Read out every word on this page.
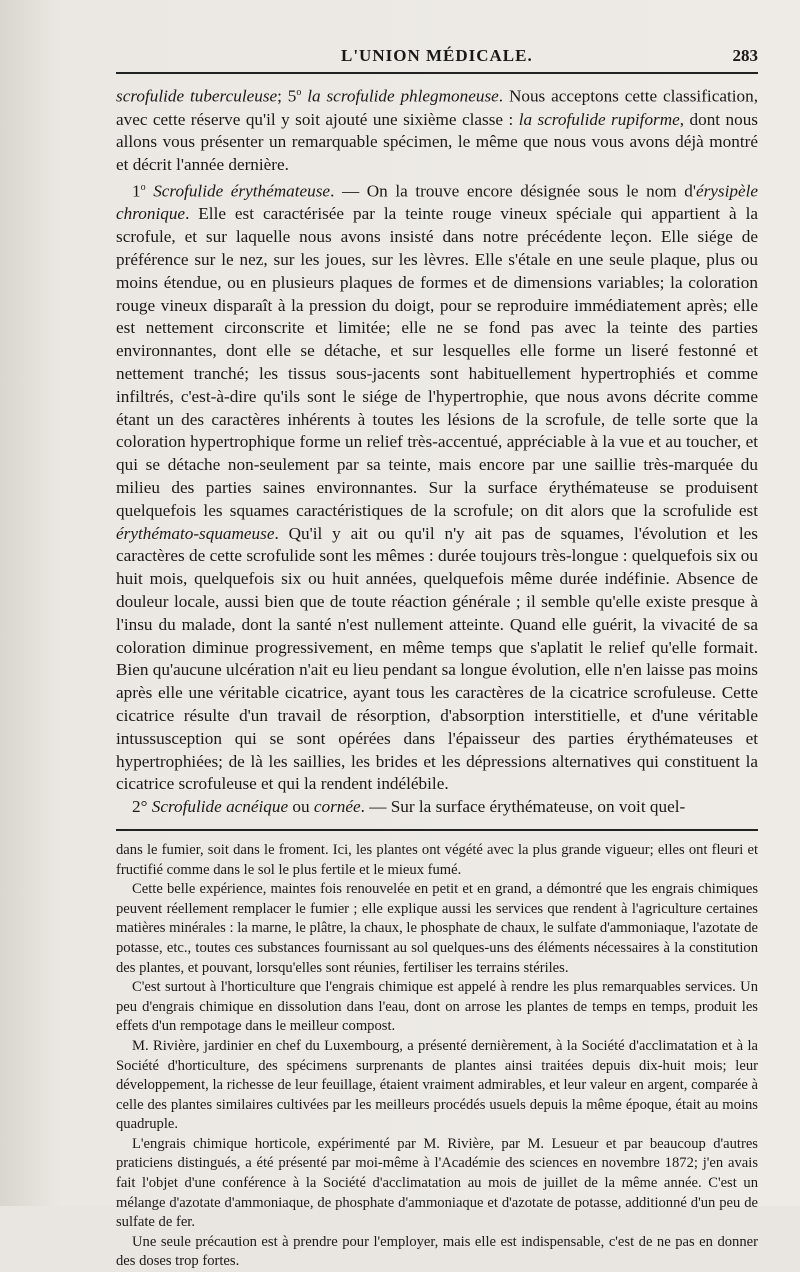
L'UNION MÉDICALE.	283

scrofulide tuberculeuse; 5$^o$ la scrofulide phlegmoneuse. Nous acceptons cette classification, avec cette réserve qu'il y soit ajouté une sixième classe : la scrofulide rupiforme, dont nous allons vous présenter un remarquable spécimen, le même que nous vous avons déjà montré et décrit l'année dernière.

1$^o$ Scrofulide érythémateuse. — On la trouve encore désignée sous le nom d'érysipèle chronique. Elle est caractérisée par la teinte rouge vineux spéciale qui appartient à la scrofule, et sur laquelle nous avons insisté dans notre précédente leçon. Elle siége de préférence sur le nez, sur les joues, sur les lèvres. Elle s'étale en une seule plaque, plus ou moins étendue, ou en plusieurs plaques de formes et de dimensions variables; la coloration rouge vineux disparaît à la pression du doigt, pour se reproduire immédiatement après; elle est nettement circonscrite et limitée; elle ne se fond pas avec la teinte des parties environnantes, dont elle se détache, et sur lesquelles elle forme un liseré festonné et nettement tranché; les tissus sous-jacents sont habituellement hypertrophiés et comme infiltrés, c'est-à-dire qu'ils sont le siége de l'hypertrophie, que nous avons décrite comme étant un des caractères inhérents à toutes les lésions de la scrofule, de telle sorte que la coloration hypertrophique forme un relief très-accentué, appréciable à la vue et au toucher, et qui se détache non-seulement par sa teinte, mais encore par une saillie très-marquée du milieu des parties saines environnantes. Sur la surface érythémateuse se produisent quelquefois les squames caractéristiques de la scrofule; on dit alors que la scrofulide est érythémato-squameuse. Qu'il y ait ou qu'il n'y ait pas de squames, l'évolution et les caractères de cette scrofulide sont les mêmes : durée toujours très-longue : quelquefois six ou huit mois, quelquefois six ou huit années, quelquefois même durée indéfinie. Absence de douleur locale, aussi bien que de toute réaction générale ; il semble qu'elle existe presque à l'insu du malade, dont la santé n'est nullement atteinte. Quand elle guérit, la vivacité de sa coloration diminue progressivement, en même temps que s'aplatit le relief qu'elle formait. Bien qu'aucune ulcération n'ait eu lieu pendant sa longue évolution, elle n'en laisse pas moins après elle une véritable cicatrice, ayant tous les caractères de la cicatrice scrofuleuse. Cette cicatrice résulte d'un travail de résorption, d'absorption interstitielle, et d'une véritable intussusception qui se sont opérées dans l'épaisseur des parties érythémateuses et hypertrophiées; de là les saillies, les brides et les dépressions alternatives qui constituent la cicatrice scrofuleuse et qui la rendent indélébile.

2° Scrofulide acnéique ou cornée. — Sur la surface érythémateuse, on voit quel-

dans le fumier, soit dans le froment. Ici, les plantes ont végété avec la plus grande vigueur; elles ont fleuri et fructifié comme dans le sol le plus fertile et le mieux fumé.

Cette belle expérience, maintes fois renouvelée en petit et en grand, a démontré que les engrais chimiques peuvent réellement remplacer le fumier ; elle explique aussi les services que rendent à l'agriculture certaines matières minérales : la marne, le plâtre, la chaux, le phosphate de chaux, le sulfate d'ammoniaque, l'azotate de potasse, etc., toutes ces substances fournissant au sol quelques-uns des éléments nécessaires à la constitution des plantes, et pouvant, lorsqu'elles sont réunies, fertiliser les terrains stériles.

C'est surtout à l'horticulture que l'engrais chimique est appelé à rendre les plus remarquables services. Un peu d'engrais chimique en dissolution dans l'eau, dont on arrose les plantes de temps en temps, produit les effets d'un rempotage dans le meilleur compost.

M. Rivière, jardinier en chef du Luxembourg, a présenté dernièrement, à la Société d'acclimatation et à la Société d'horticulture, des spécimens surprenants de plantes ainsi traitées depuis dix-huit mois; leur développement, la richesse de leur feuillage, étaient vraiment admirables, et leur valeur en argent, comparée à celle des plantes similaires cultivées par les meilleurs procédés usuels depuis la même époque, était au moins quadruple.

L'engrais chimique horticole, expérimenté par M. Rivière, par M. Lesueur et par beaucoup d'autres praticiens distingués, a été présenté par moi-même à l'Académie des sciences en novembre 1872; j'en avais fait l'objet d'une conférence à la Société d'acclimatation au mois de juillet de la même année. C'est un mélange d'azotate d'ammoniaque, de phosphate d'ammoniaque et d'azotate de potasse, additionné d'un peu de sulfate de fer.

Une seule précaution est à prendre pour l'employer, mais elle est indispensable, c'est de ne pas en donner des doses trop fortes.
